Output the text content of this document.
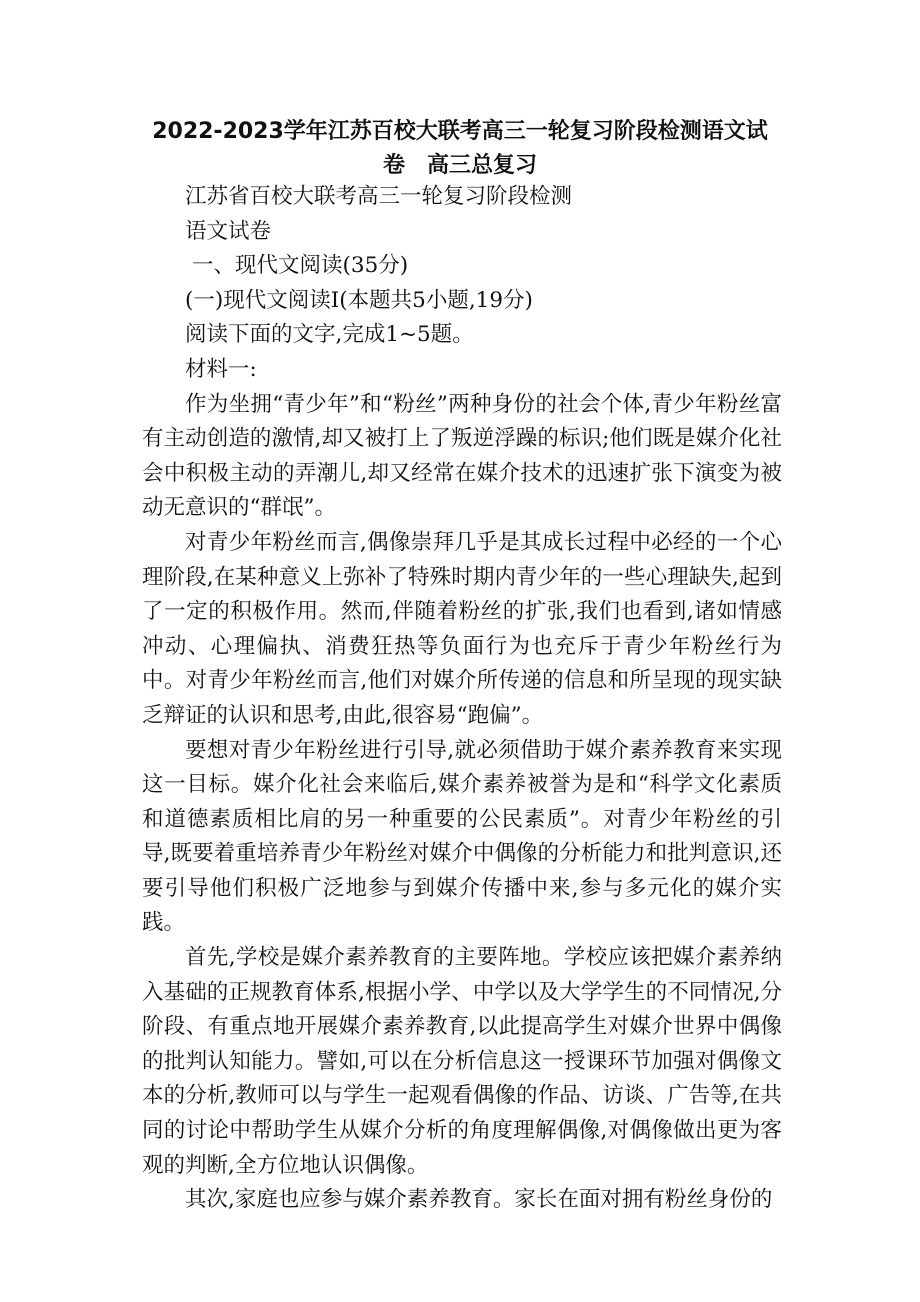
2022-2023学年江苏百校大联考高三一轮复习阶段检测语文试
卷　高三总复习

江苏省百校大联考高三一轮复习阶段检测

语文试卷

一、现代文阅读(35分)

(一)现代文阅读Ⅰ(本题共5小题,19分)

阅读下面的文字,完成1~5题。

材料一:

作为坐拥“青少年”和“粉丝”两种身份的社会个体,青少年粉丝富有主动创造的激情,却又被打上了叛逆浮躁的标识;他们既是媒介化社会中积极主动的弄潮儿,却又经常在媒介技术的迅速扩张下演变为被动无意识的“群氓”。

对青少年粉丝而言,偶像崇拜几乎是其成长过程中必经的一个心理阶段,在某种意义上弥补了特殊时期内青少年的一些心理缺失,起到了一定的积极作用。然而,伴随着粉丝的扩张,我们也看到,诸如情感冲动、心理偏执、消费狂热等负面行为也充斥于青少年粉丝行为中。对青少年粉丝而言,他们对媒介所传递的信息和所呈现的现实缺乏辩证的认识和思考,由此,很容易“跑偏”。

要想对青少年粉丝进行引导,就必须借助于媒介素养教育来实现这一目标。媒介化社会来临后,媒介素养被誉为是和“科学文化素质和道德素质相比肩的另一种重要的公民素质”。对青少年粉丝的引导,既要着重培养青少年粉丝对媒介中偶像的分析能力和批判意识,还要引导他们积极广泛地参与到媒介传播中来,参与多元化的媒介实践。

首先,学校是媒介素养教育的主要阵地。学校应该把媒介素养纳入基础的正规教育体系,根据小学、中学以及大学学生的不同情况,分阶段、有重点地开展媒介素养教育,以此提高学生对媒介世界中偶像的批判认知能力。譬如,可以在分析信息这一授课环节加强对偶像文本的分析,教师可以与学生一起观看偶像的作品、访谈、广告等,在共同的讨论中帮助学生从媒介分析的角度理解偶像,对偶像做出更为客观的判断,全方位地认识偶像。

其次,家庭也应参与媒介素养教育。家长在面对拥有粉丝身份的
